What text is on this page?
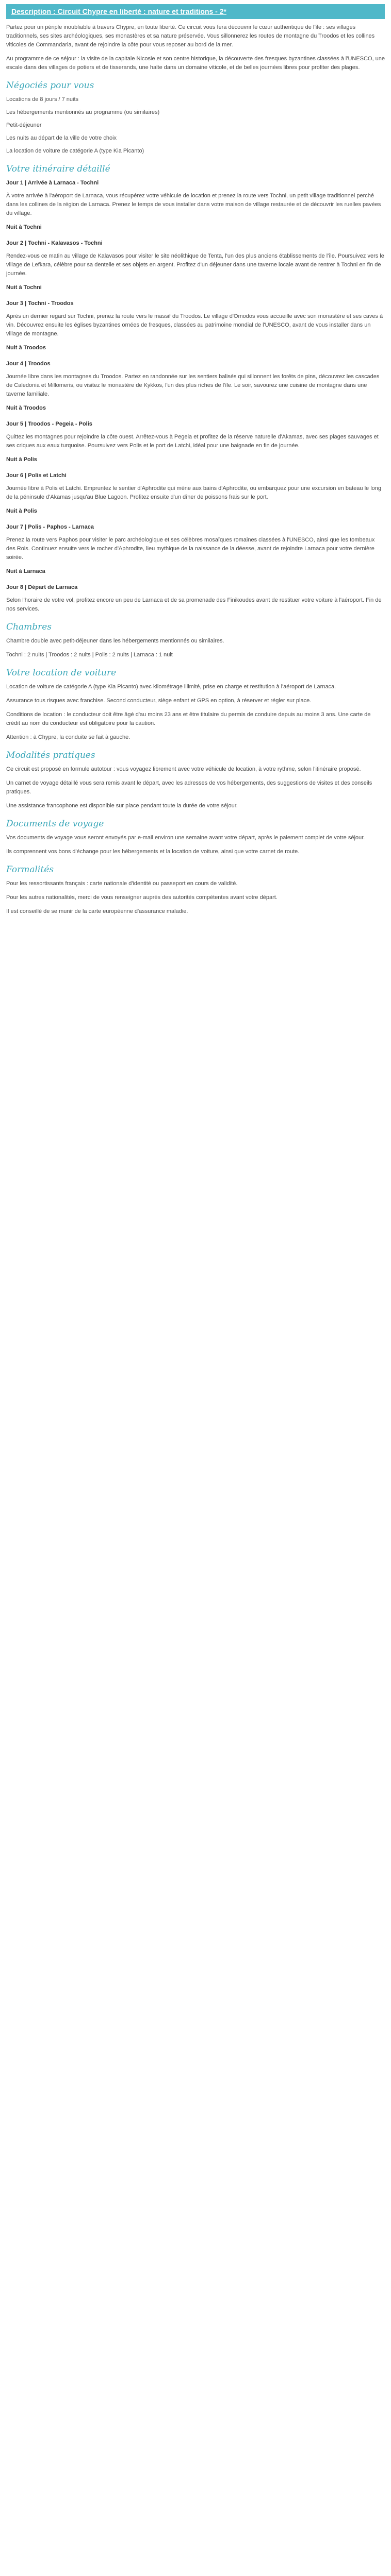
Description : Circuit Chypre en liberté : nature et traditions - 2*

Partez pour un périple inoubliable à travers Chypre, en toute liberté. Ce circuit vous fera découvrir le cœur authentique de l'île : ses villages traditionnels, ses sites archéologiques, ses monastères et sa nature préservée. Vous sillonnerez les routes de montagne du Troodos et les collines viticoles de Commandaria, avant de rejoindre la côte pour vous reposer au bord de la mer.

Au programme de ce séjour : la visite de la capitale Nicosie et son centre historique, la découverte des fresques byzantines classées à l'UNESCO, une escale dans des villages de potiers et de tisserands, une halte dans un domaine viticole, et de belles journées libres pour profiter des plages.

Négociés pour vous
Locations de 8 jours / 7 nuits
Les hébergements mentionnés au programme (ou similaires)
Petit-déjeuner
Les nuits au départ de la ville de votre choix
La location de voiture de catégorie A (type Kia Picanto)
Votre itinéraire détaillé

Jour 1 | Arrivée à Larnaca - Tochni

À votre arrivée à l'aéroport de Larnaca, vous récupérez votre véhicule de location et prenez la route vers Tochni, un petit village traditionnel perché dans les collines de la région de Larnaca. Prenez le temps de vous installer dans votre maison de village restaurée et de découvrir les ruelles pavées du village.

Nuit à Tochni

Jour 2 | Tochni - Kalavasos - Tochni

Rendez-vous ce matin au village de Kalavasos pour visiter le site néolithique de Tenta, l'un des plus anciens établissements de l'île. Poursuivez vers le village de Lefkara, célèbre pour sa dentelle et ses objets en argent. Profitez d'un déjeuner dans une taverne locale avant de rentrer à Tochni en fin de journée.

Nuit à Tochni

Jour 3 | Tochni - Troodos

Après un dernier regard sur Tochni, prenez la route vers le massif du Troodos. Le village d'Omodos vous accueille avec son monastère et ses caves à vin. Découvrez ensuite les églises byzantines ornées de fresques, classées au patrimoine mondial de l'UNESCO, avant de vous installer dans un village de montagne.

Nuit à Troodos

Jour 4 | Troodos

Journée libre dans les montagnes du Troodos. Partez en randonnée sur les sentiers balisés qui sillonnent les forêts de pins, découvrez les cascades de Caledonia et Millomeris, ou visitez le monastère de Kykkos, l'un des plus riches de l'île. Le soir, savourez une cuisine de montagne dans une taverne familiale.

Nuit à Troodos

Jour 5 | Troodos - Pegeia - Polis

Quittez les montagnes pour rejoindre la côte ouest. Arrêtez-vous à Pegeia et profitez de la réserve naturelle d'Akamas, avec ses plages sauvages et ses criques aux eaux turquoise. Poursuivez vers Polis et le port de Latchi, idéal pour une baignade en fin de journée.

Nuit à Polis

Jour 6 | Polis et Latchi

Journée libre à Polis et Latchi. Empruntez le sentier d'Aphrodite qui mène aux bains d'Aphrodite, ou embarquez pour une excursion en bateau le long de la péninsule d'Akamas jusqu'au Blue Lagoon. Profitez ensuite d'un dîner de poissons frais sur le port.

Nuit à Polis

Jour 7 | Polis - Paphos - Larnaca

Prenez la route vers Paphos pour visiter le parc archéologique et ses célèbres mosaïques romaines classées à l'UNESCO, ainsi que les tombeaux des Rois. Continuez ensuite vers le rocher d'Aphrodite, lieu mythique de la naissance de la déesse, avant de rejoindre Larnaca pour votre dernière soirée.

Nuit à Larnaca

Jour 8 | Départ de Larnaca

Selon l'horaire de votre vol, profitez encore un peu de Larnaca et de sa promenade des Finikoudes avant de restituer votre voiture à l'aéroport. Fin de nos services.

Chambres

Chambre double avec petit-déjeuner dans les hébergements mentionnés ou similaires.

Tochni : 2 nuits | Troodos : 2 nuits | Polis : 2 nuits | Larnaca : 1 nuit

Votre location de voiture

Location de voiture de catégorie A (type Kia Picanto) avec kilométrage illimité, prise en charge et restitution à l'aéroport de Larnaca.

Assurance tous risques avec franchise. Second conducteur, siège enfant et GPS en option, à réserver et régler sur place.

Conditions de location : le conducteur doit être âgé d'au moins 23 ans et être titulaire du permis de conduire depuis au moins 3 ans. Une carte de crédit au nom du conducteur est obligatoire pour la caution.

Attention : à Chypre, la conduite se fait à gauche.

Modalités pratiques

Ce circuit est proposé en formule autotour : vous voyagez librement avec votre véhicule de location, à votre rythme, selon l'itinéraire proposé.

Un carnet de voyage détaillé vous sera remis avant le départ, avec les adresses de vos hébergements, des suggestions de visites et des conseils pratiques.

Une assistance francophone est disponible sur place pendant toute la durée de votre séjour.

Documents de voyage

Vos documents de voyage vous seront envoyés par e-mail environ une semaine avant votre départ, après le paiement complet de votre séjour.

Ils comprennent vos bons d'échange pour les hébergements et la location de voiture, ainsi que votre carnet de route.

Formalités

Pour les ressortissants français : carte nationale d'identité ou passeport en cours de validité.

Pour les autres nationalités, merci de vous renseigner auprès des autorités compétentes avant votre départ.

Il est conseillé de se munir de la carte européenne d'assurance maladie.
